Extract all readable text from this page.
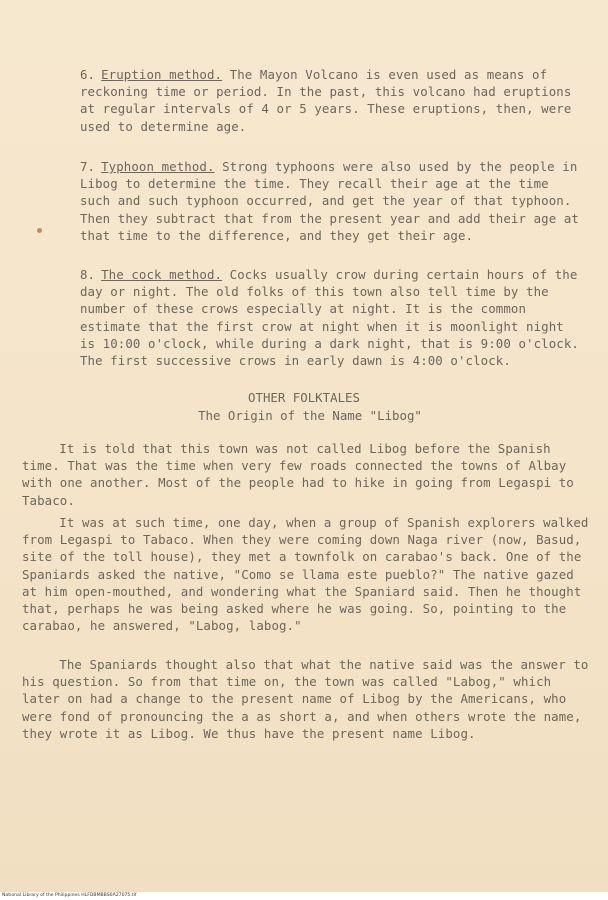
6. Eruption method. The Mayon Volcano is even used as means of reckoning time or period. In the past, this volcano had eruptions at regular intervals of 4 or 5 years. These eruptions, then, were used to determine age.

7. Typhoon method. Strong typhoons were also used by the people in Libog to determine the time. They recall their age at the time such and such typhoon occurred, and get the year of that typhoon. Then they subtract that from the present year and add their age at that time to the difference, and they get their age.

8. The cock method. Cocks usually crow during certain hours of the day or night. The old folks of this town also tell time by the number of these crows especially at night. It is the common estimate that the first crow at night when it is moonlight night is 10:00 o'clock, while during a dark night, that is 9:00 o'clock. The first successive crows in early dawn is 4:00 o'clock.

OTHER FOLKTALES

The Origin of the Name "Libog"

It is told that this town was not called Libog before the Spanish time. That was the time when very few roads connected the towns of Albay with one another. Most of the people had to hike in going from Legaspi to Tabaco.

It was at such time, one day, when a group of Spanish explorers walked from Legaspi to Tabaco. When they were coming down Naga river (now, Basud, site of the toll house), they met a townfolk on carabao's back. One of the Spaniards asked the native, "Como se llama este pueblo?" The native gazed at him open-mouthed, and wondering what the Spaniard said. Then he thought that, perhaps he was being asked where he was going. So, pointing to the carabao, he answered, "Labog, labog."

The Spaniards thought also that what the native said was the answer to his question. So from that time on, the town was called "Labog," which later on had a change to the present name of Libog by the Americans, who were fond of pronouncing the a as short a, and when others wrote the name, they wrote it as Libog. We thus have the present name Libog.

National Library of the Philippines HLFDBMBBS0A27075.tif
